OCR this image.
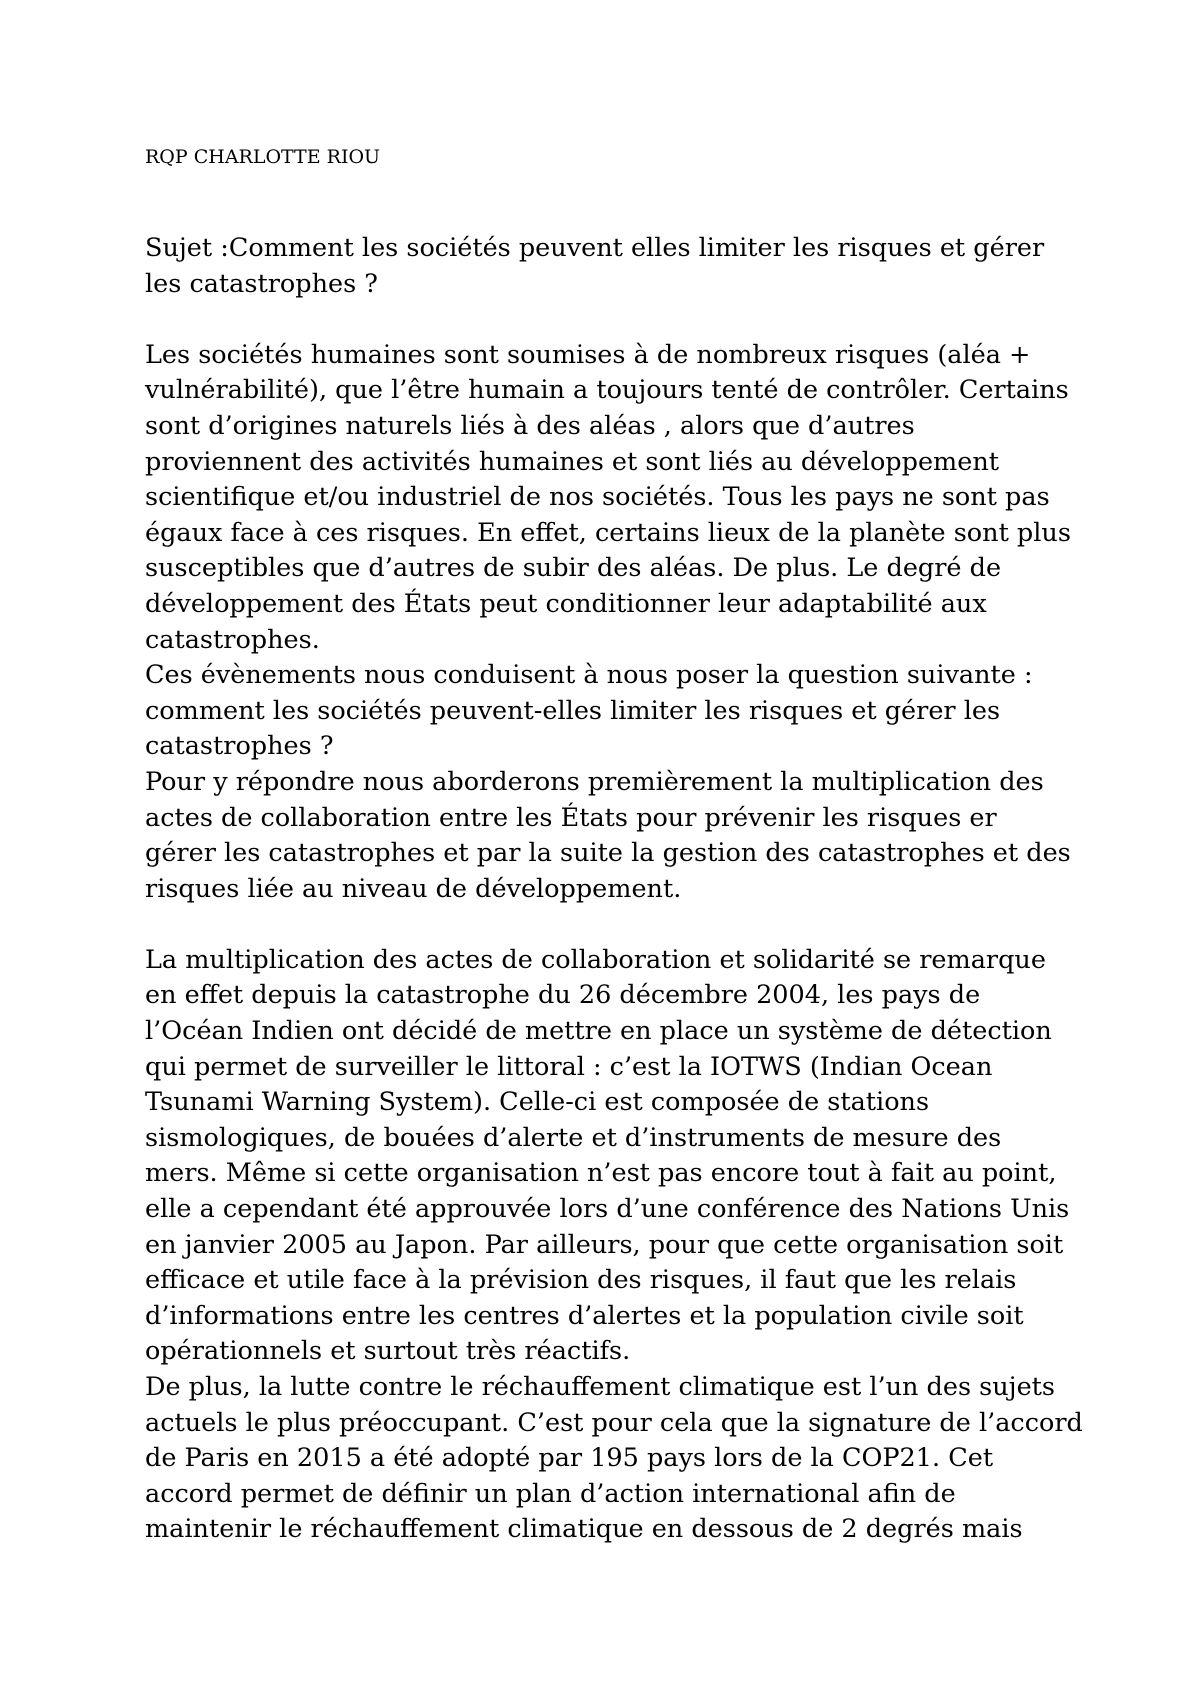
RQP CHARLOTTE RIOU
Sujet :Comment les sociétés peuvent elles limiter les risques et gérer
les catastrophes ?
Les sociétés humaines sont soumises à de nombreux risques (aléa +
vulnérabilité), que l’être humain a toujours tenté de contrôler. Certains
sont d’origines naturels liés à des aléas , alors que d’autres
proviennent des activités humaines et sont liés au développement
scientifique et/ou industriel de nos sociétés. Tous les pays ne sont pas
égaux face à ces risques. En effet, certains lieux de la planète sont plus
susceptibles que d’autres de subir des aléas. De plus. Le degré de
développement des États peut conditionner leur adaptabilité aux
catastrophes.
Ces évènements nous conduisent à nous poser la question suivante :
comment les sociétés peuvent-elles limiter les risques et gérer les
catastrophes ?
Pour y répondre nous aborderons premièrement la multiplication des
actes de collaboration entre les États pour prévenir les risques er
gérer les catastrophes et par la suite la gestion des catastrophes et des
risques liée au niveau de développement.
La multiplication des actes de collaboration et solidarité se remarque
en effet depuis la catastrophe du 26 décembre 2004, les pays de
l’Océan Indien ont décidé de mettre en place un système de détection
qui permet de surveiller le littoral : c’est la IOTWS (Indian Ocean
Tsunami Warning System). Celle-ci est composée de stations
sismologiques, de bouées d’alerte et d’instruments de mesure des
mers. Même si cette organisation n’est pas encore tout à fait au point,
elle a cependant été approuvée lors d’une conférence des Nations Unis
en janvier 2005 au Japon. Par ailleurs, pour que cette organisation soit
efficace et utile face à la prévision des risques, il faut que les relais
d’informations entre les centres d’alertes et la population civile soit
opérationnels et surtout très réactifs.
De plus, la lutte contre le réchauffement climatique est l’un des sujets
actuels le plus préoccupant. C’est pour cela que la signature de l’accord
de Paris en 2015 a été adopté par 195 pays lors de la COP21. Cet
accord permet de définir un plan d’action international afin de
maintenir le réchauffement climatique en dessous de 2 degrés mais
